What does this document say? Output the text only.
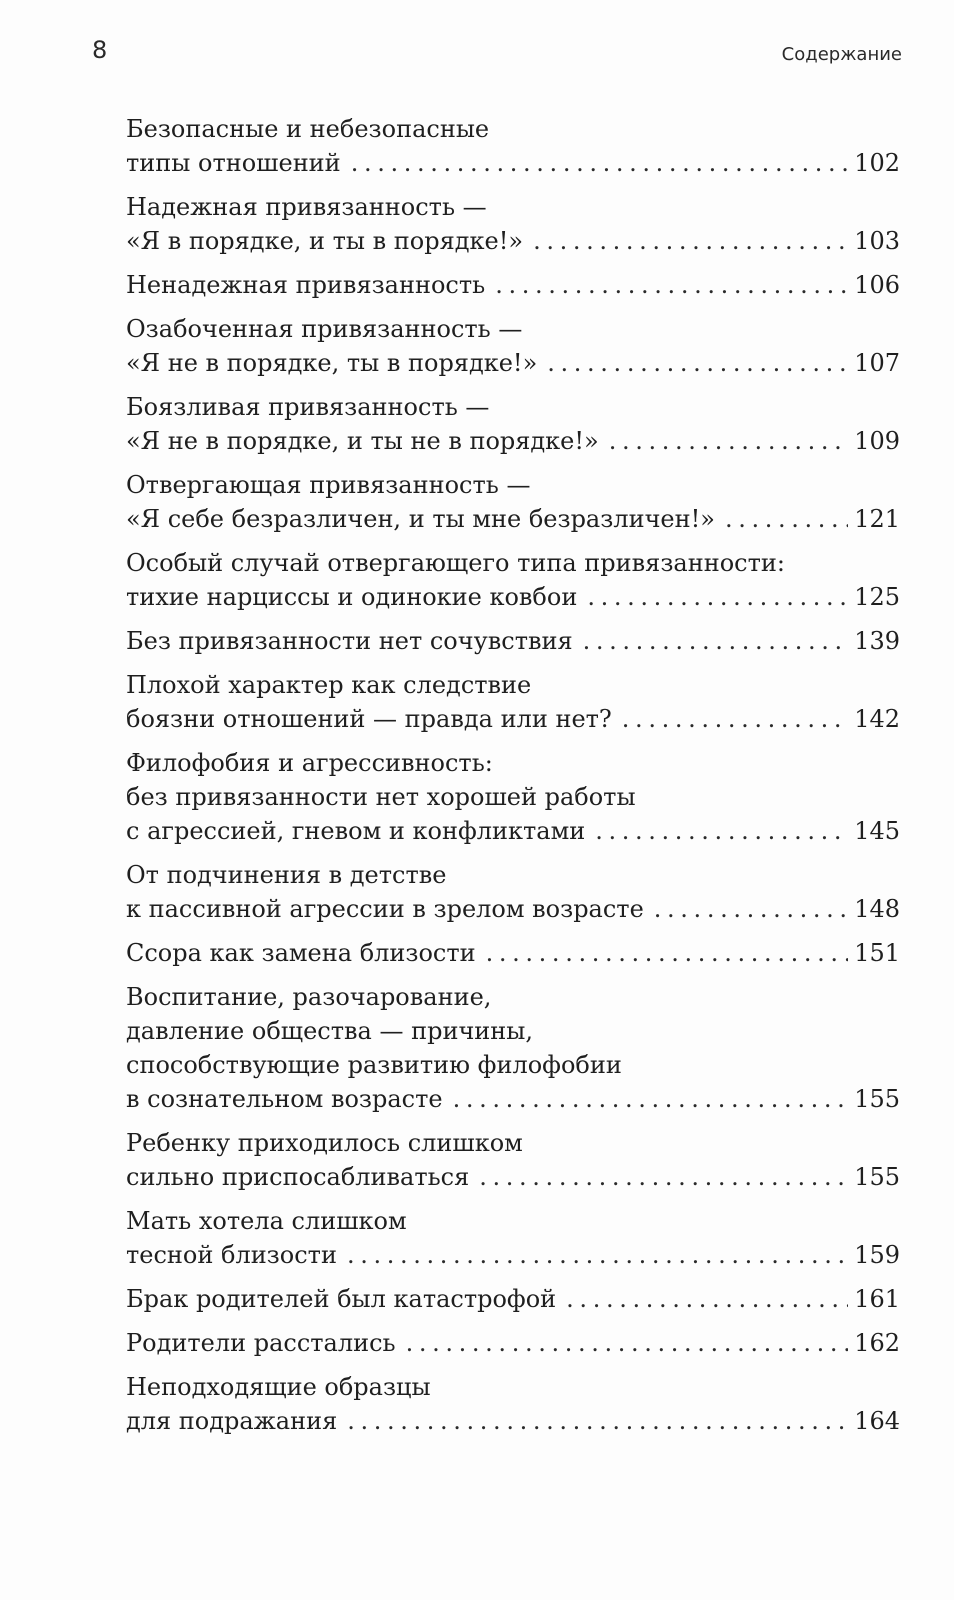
8	Содержание
Безопасные и небезопасные
типы отношений . . .	102
Надежная привязанность —
«Я в порядке, и ты в порядке!» . . .	103
Ненадежная привязанность . . .	106
Озабоченная привязанность —
«Я не в порядке, ты в порядке!» . . .	107
Боязливая привязанность —
«Я не в порядке, и ты не в порядке!» . . .	109
Отвергающая привязанность —
«Я себе безразличен, и ты мне безразличен!» . . .	121
Особый случай отвергающего типа привязанности:
тихие нарциссы и одинокие ковбои . . .	125
Без привязанности нет сочувствия . . .	139
Плохой характер как следствие
боязни отношений — правда или нет? . . .	142
Филофобия и агрессивность:
без привязанности нет хорошей работы
с агрессией, гневом и конфликтами . . .	145
От подчинения в детстве
к пассивной агрессии в зрелом возрасте . . .	148
Ссора как замена близости . . .	151
Воспитание, разочарование,
давление общества — причины,
способствующие развитию филофобии
в сознательном возрасте . . .	155
Ребенку приходилось слишком
сильно приспосабливаться . . .	155
Мать хотела слишком
тесной близости . . .	159
Брак родителей был катастрофой . . .	161
Родители расстались . . .	162
Неподходящие образцы
для подражания . . .	164
